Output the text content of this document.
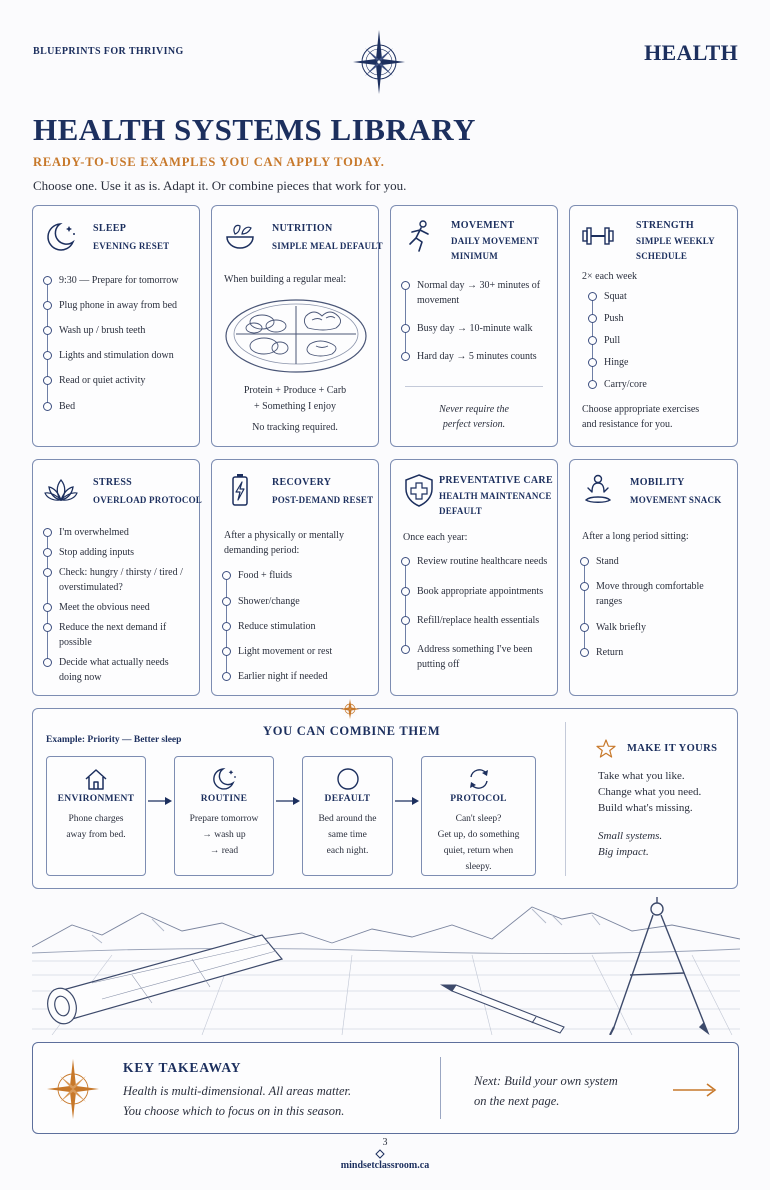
BLUEPRINTS FOR THRIVING	HEALTH
HEALTH SYSTEMS LIBRARY
READY-TO-USE EXAMPLES YOU CAN APPLY TODAY.
Choose one. Use it as is. Adapt it. Or combine pieces that work for you.
SLEEP
EVENING RESET
9:30 — Prepare for tomorrow
Plug phone in away from bed
Wash up / brush teeth
Lights and stimulation down
Read or quiet activity
Bed
NUTRITION
SIMPLE MEAL DEFAULT
When building a regular meal:
Protein + Produce + Carb
+ Something I enjoy
No tracking required.
MOVEMENT
DAILY MOVEMENT
MINIMUM
Normal day → 30+ minutes of movement
Busy day → 10-minute walk
Hard day → 5 minutes counts
Never require the
perfect version.
STRENGTH
SIMPLE WEEKLY
SCHEDULE
2× each week
Squat
Push
Pull
Hinge
Carry/core
Choose appropriate exercises
and resistance for you.
STRESS
OVERLOAD PROTOCOL
I'm overwhelmed
Stop adding inputs
Check: hungry / thirsty / tired / overstimulated?
Meet the obvious need
Reduce the next demand if possible
Decide what actually needs doing now
RECOVERY
POST-DEMAND RESET
After a physically or mentally demanding period:
Food + fluids
Shower/change
Reduce stimulation
Light movement or rest
Earlier night if needed
PREVENTATIVE CARE
HEALTH MAINTENANCE
DEFAULT
Once each year:
Review routine healthcare needs
Book appropriate appointments
Refill/replace health essentials
Address something I've been putting off
MOBILITY
MOVEMENT SNACK
After a long period sitting:
Stand
Move through comfortable ranges
Walk briefly
Return
YOU CAN COMBINE THEM
Example: Priority — Better sleep
ENVIRONMENT
Phone charges
away from bed.
ROUTINE
Prepare tomorrow
→ wash up
→ read
DEFAULT
Bed around the
same time
each night.
PROTOCOL
Can't sleep?
Get up, do something
quiet, return when
sleepy.
MAKE IT YOURS
Take what you like.
Change what you need.
Build what's missing.
Small systems.
Big impact.
KEY TAKEAWAY
Health is multi-dimensional. All areas matter.
You choose which to focus on in this season.
Next: Build your own system
on the next page.
3
mindsetclassroom.ca
